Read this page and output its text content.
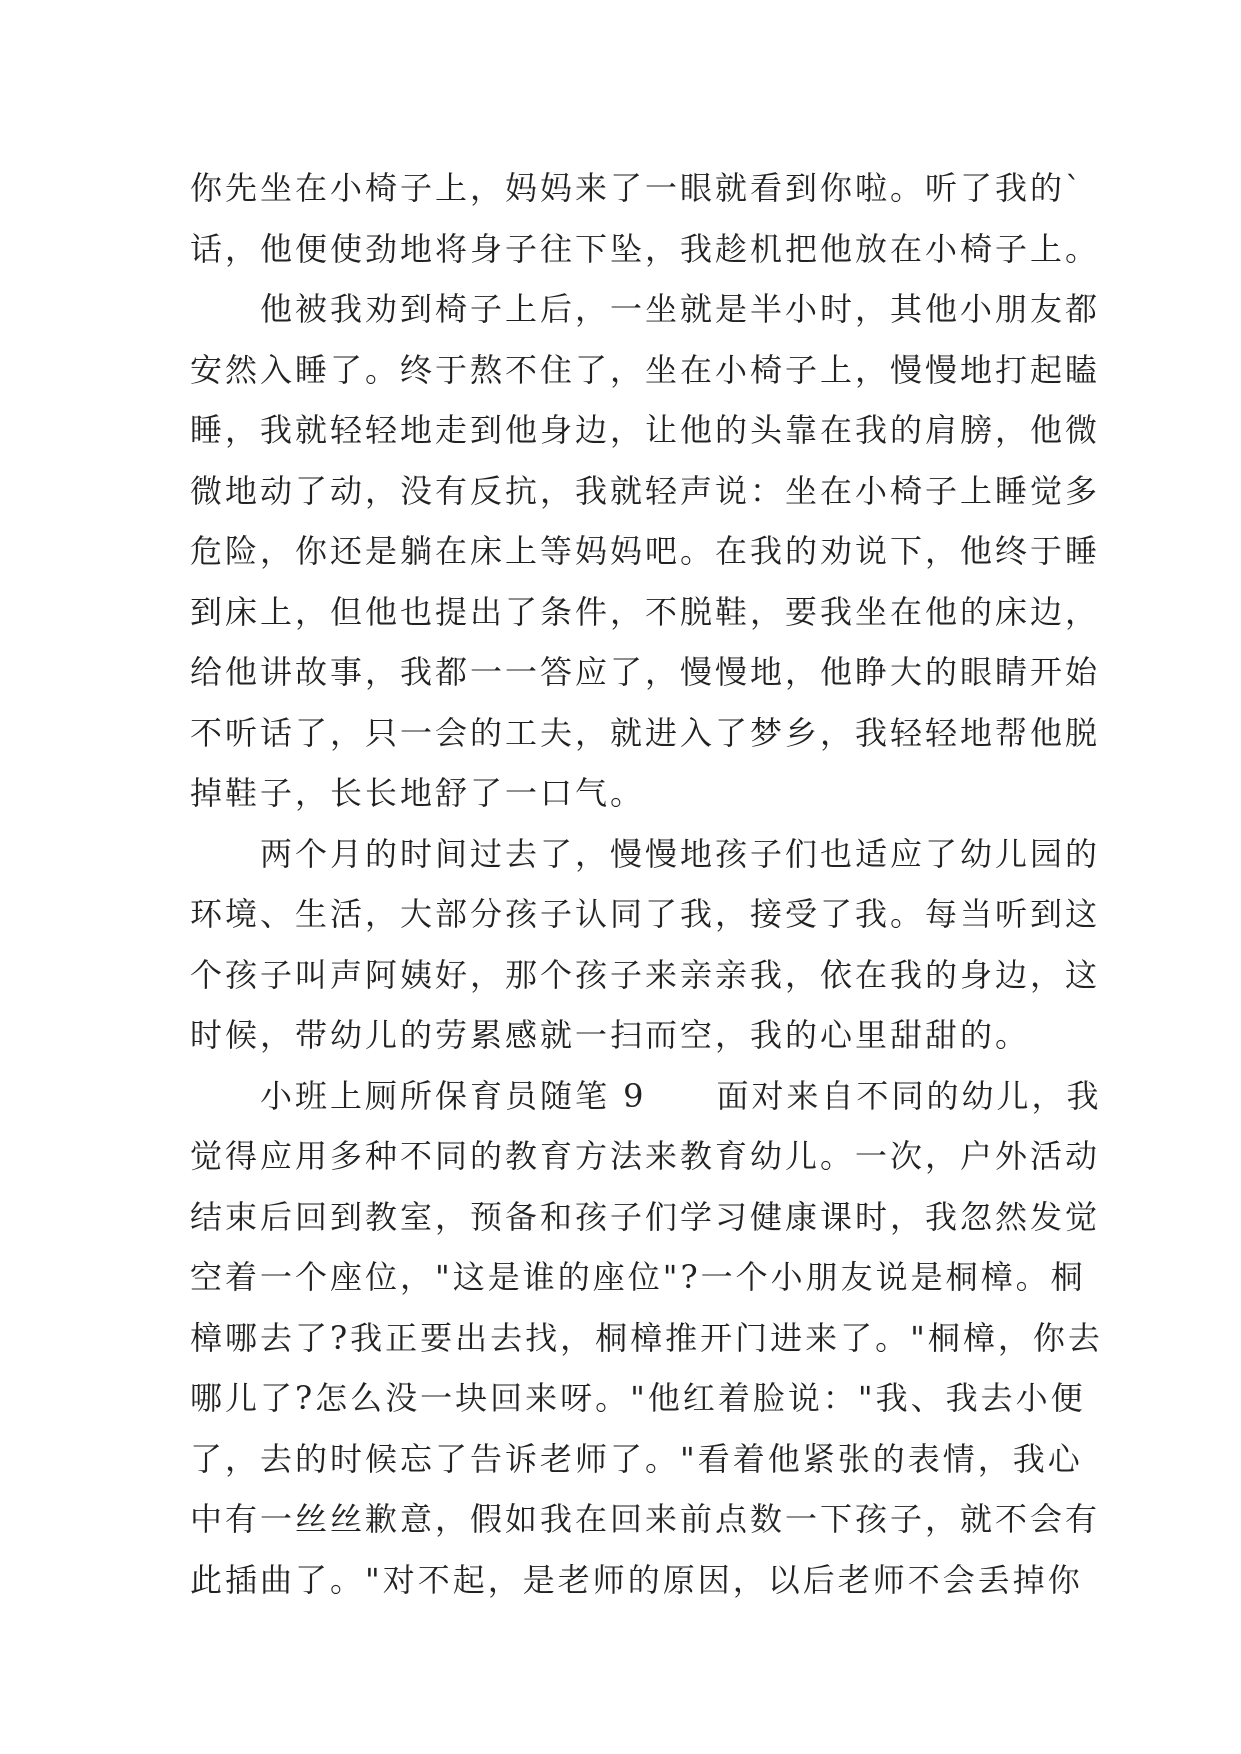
你先坐在小椅子上，妈妈来了一眼就看到你啦。听了我的`
话，他便使劲地将身子往下坠，我趁机把他放在小椅子上。
　　他被我劝到椅子上后，一坐就是半小时，其他小朋友都
安然入睡了。终于熬不住了，坐在小椅子上，慢慢地打起瞌
睡，我就轻轻地走到他身边，让他的头靠在我的肩膀，他微
微地动了动，没有反抗，我就轻声说：坐在小椅子上睡觉多
危险，你还是躺在床上等妈妈吧。在我的劝说下，他终于睡
到床上，但他也提出了条件，不脱鞋，要我坐在他的床边，
给他讲故事，我都一一答应了，慢慢地，他睁大的眼睛开始
不听话了，只一会的工夫，就进入了梦乡，我轻轻地帮他脱
掉鞋子，长长地舒了一口气。
　　两个月的时间过去了，慢慢地孩子们也适应了幼儿园的
环境、生活，大部分孩子认同了我，接受了我。每当听到这
个孩子叫声阿姨好，那个孩子来亲亲我，依在我的身边，这
时候，带幼儿的劳累感就一扫而空，我的心里甜甜的。
　　小班上厕所保育员随笔 9　　面对来自不同的幼儿，我
觉得应用多种不同的教育方法来教育幼儿。一次，户外活动
结束后回到教室，预备和孩子们学习健康课时，我忽然发觉
空着一个座位，"这是谁的座位"?一个小朋友说是桐樟。桐
樟哪去了?我正要出去找，桐樟推开门进来了。"桐樟，你去
哪儿了?怎么没一块回来呀。"他红着脸说："我、我去小便
了，去的时候忘了告诉老师了。"看着他紧张的表情，我心
中有一丝丝歉意，假如我在回来前点数一下孩子，就不会有
此插曲了。"对不起，是老师的原因，以后老师不会丢掉你
